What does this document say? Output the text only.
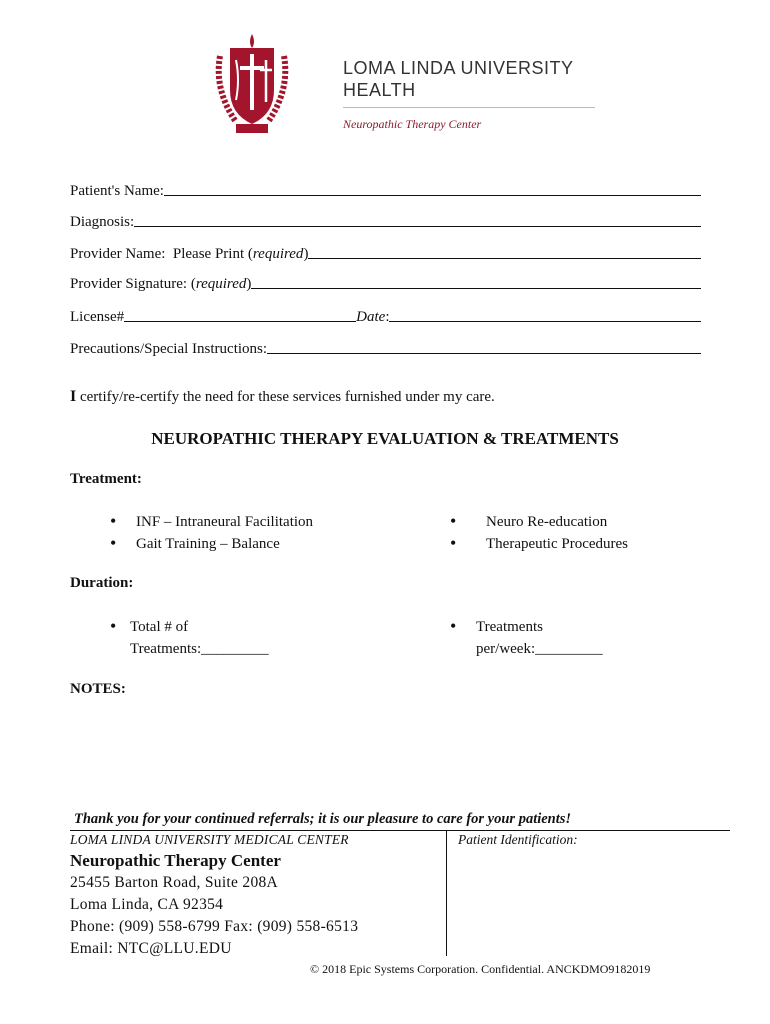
LOMA LINDA UNIVERSITY
HEALTH
Neuropathic Therapy Center
Patient's Name:
Diagnosis:
Provider Name:  Please Print ( required )
Provider Signature: ( required )
License#	Date :
Precautions/Special Instructions:
I certify/re-certify the need for these services furnished under my care.
NEUROPATHIC THERAPY EVALUATION & TREATMENTS
Treatment:
•	INF – Intraneural Facilitation
•	Gait Training – Balance
•	Neuro Re-education
•	Therapeutic Procedures
Duration:
• Total # of
Treatments:_________
•	Treatments
per/week:_________
NOTES:
Thank you for your continued referrals; it is our pleasure to care for your patients!
LOMA LINDA UNIVERSITY MEDICAL CENTER	Patient Identification:
Neuropathic Therapy Center
25455 Barton Road, Suite 208A
Loma Linda, CA 92354
Phone: (909) 558-6799 Fax: (909) 558-6513
Email: NTC@LLU.EDU
© 2018 Epic Systems Corporation. Confidential. ANCKDMO9182019
